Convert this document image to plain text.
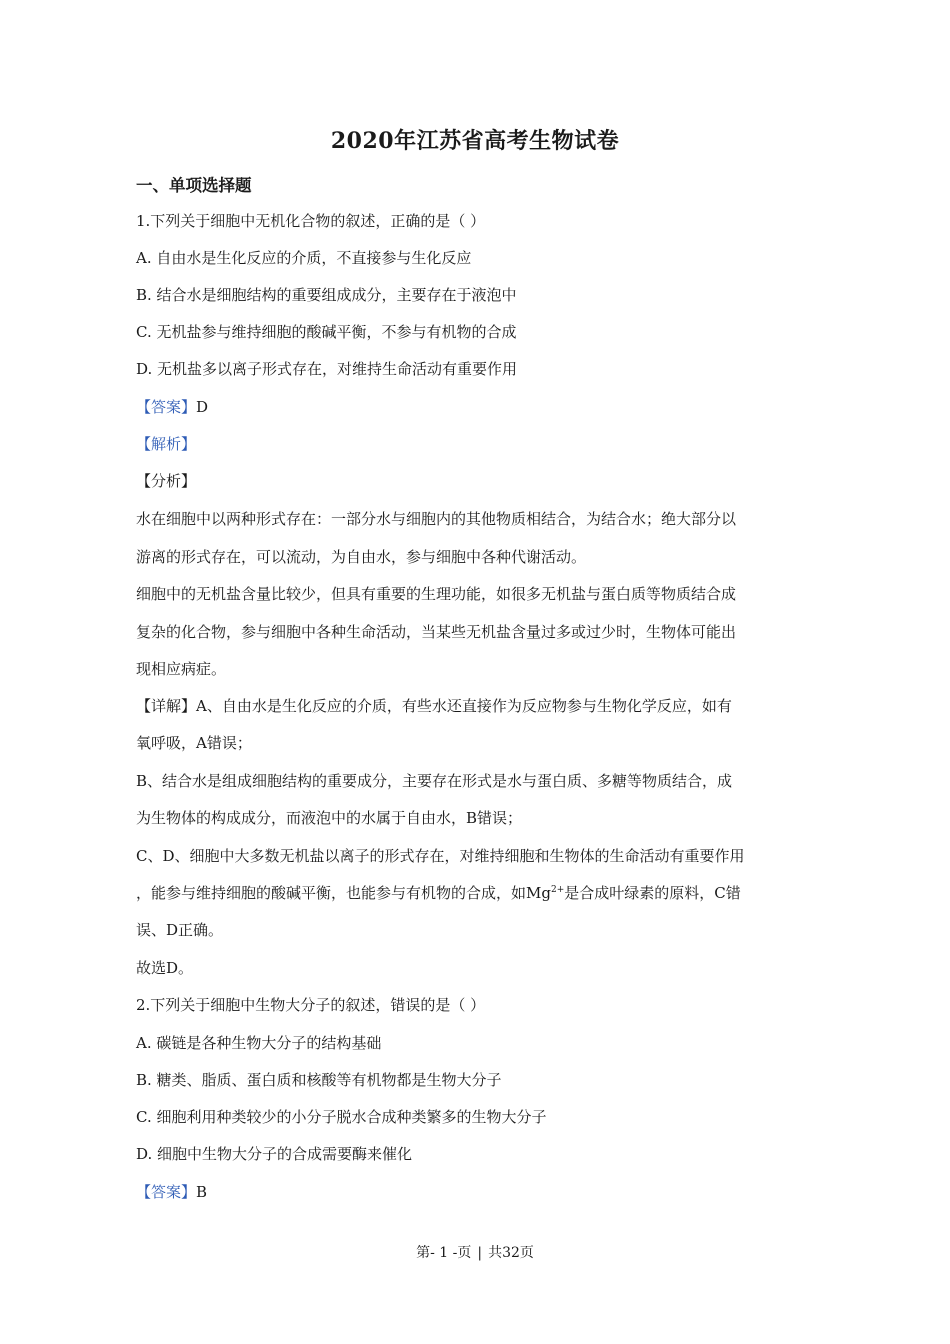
2020年江苏省高考生物试卷
一、单项选择题
1.下列关于细胞中无机化合物的叙述，正确的是（ ）
A. 自由水是生化反应的介质，不直接参与生化反应
B. 结合水是细胞结构的重要组成成分，主要存在于液泡中
C. 无机盐参与维持细胞的酸碱平衡，不参与有机物的合成
D. 无机盐多以离子形式存在，对维持生命活动有重要作用
【答案】D
【解析】
【分析】
水在细胞中以两种形式存在：一部分水与细胞内的其他物质相结合，为结合水；绝大部分以
游离的形式存在，可以流动，为自由水，参与细胞中各种代谢活动。
细胞中的无机盐含量比较少，但具有重要的生理功能，如很多无机盐与蛋白质等物质结合成
复杂的化合物，参与细胞中各种生命活动，当某些无机盐含量过多或过少时，生物体可能出
现相应病症。
【详解】A、自由水是生化反应的介质，有些水还直接作为反应物参与生物化学反应，如有
氧呼吸，A错误；
B、结合水是组成细胞结构的重要成分，主要存在形式是水与蛋白质、多糖等物质结合，成
为生物体的构成成分，而液泡中的水属于自由水，B错误；
C、D、细胞中大多数无机盐以离子的形式存在，对维持细胞和生物体的生命活动有重要作用
，能参与维持细胞的酸碱平衡，也能参与有机物的合成，如$Mg^{2+}$是合成叶绿素的原料，C错
误、D正确。
故选D。
2.下列关于细胞中生物大分子的叙述，错误的是（ ）
A. 碳链是各种生物大分子的结构基础
B. 糖类、脂质、蛋白质和核酸等有机物都是生物大分子
C. 细胞利用种类较少的小分子脱水合成种类繁多的生物大分子
D. 细胞中生物大分子的合成需要酶来催化
【答案】B
第- 1 -页 | 共32页
